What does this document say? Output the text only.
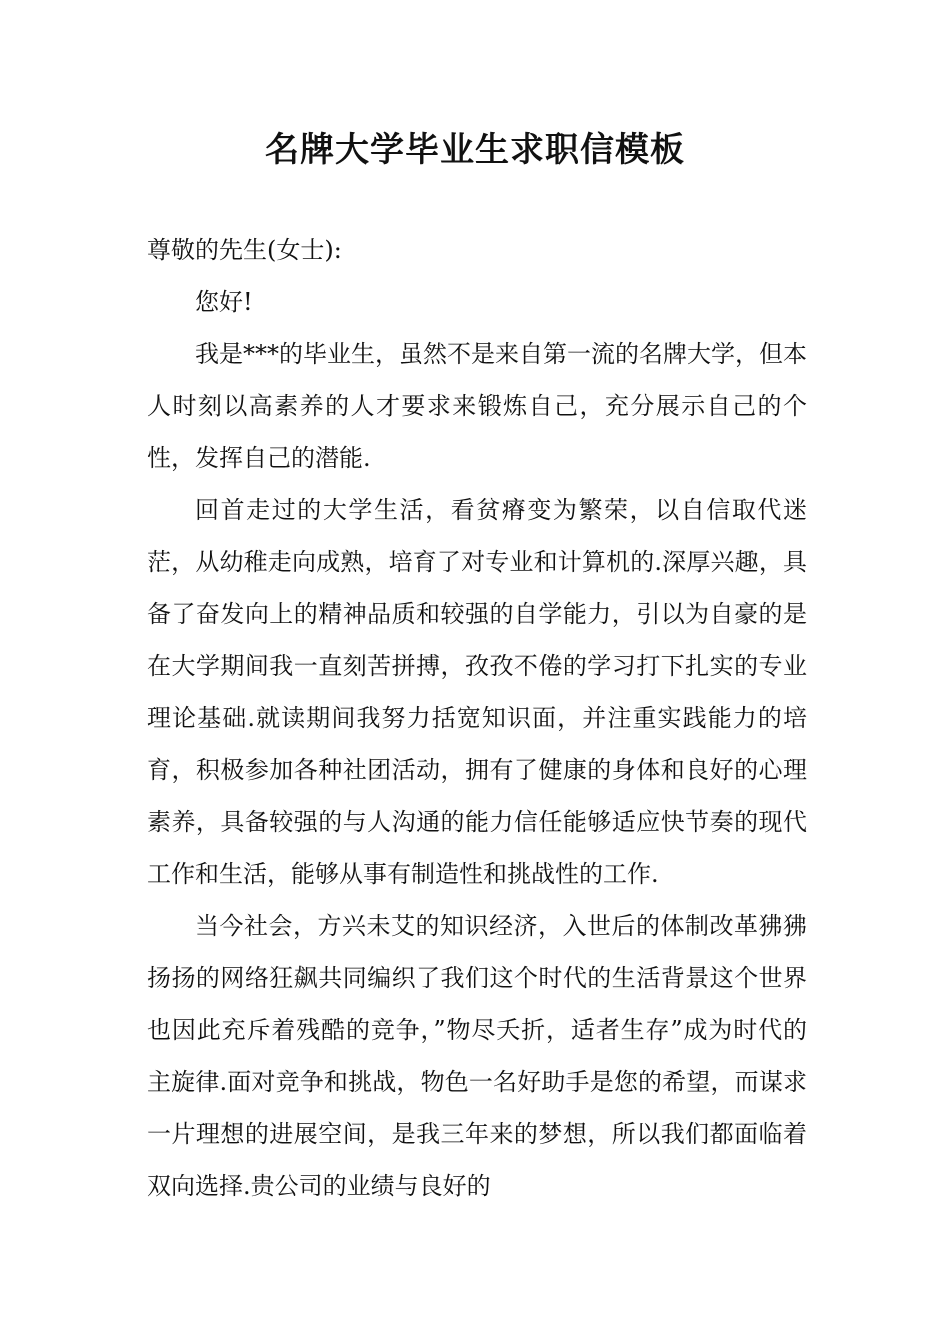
名牌大学毕业生求职信模板

尊敬的先生(女士):

您好!

我是***的毕业生，虽然不是来自第一流的名牌大学，但本人时刻以高素养的人才要求来锻炼自己，充分展示自己的个性，发挥自己的潜能.

回首走过的大学生活，看贫瘠变为繁荣，以自信取代迷茫，从幼稚走向成熟，培育了对专业和计算机的.深厚兴趣，具备了奋发向上的精神品质和较强的自学能力，引以为自豪的是在大学期间我一直刻苦拼搏，孜孜不倦的学习打下扎实的专业理论基础.就读期间我努力括宽知识面，并注重实践能力的培育，积极参加各种社团活动，拥有了健康的身体和良好的心理素养，具备较强的与人沟通的能力信任能够适应快节奏的现代工作和生活，能够从事有制造性和挑战性的工作.

当今社会，方兴未艾的知识经济，入世后的体制改革狒狒扬扬的网络狂飙共同编织了我们这个时代的生活背景这个世界也因此充斥着残酷的竞争，”物尽夭折，适者生存”成为时代的主旋律.面对竞争和挑战，物色一名好助手是您的希望，而谋求一片理想的进展空间，是我三年来的梦想，所以我们都面临着双向选择.贵公司的业绩与良好的
